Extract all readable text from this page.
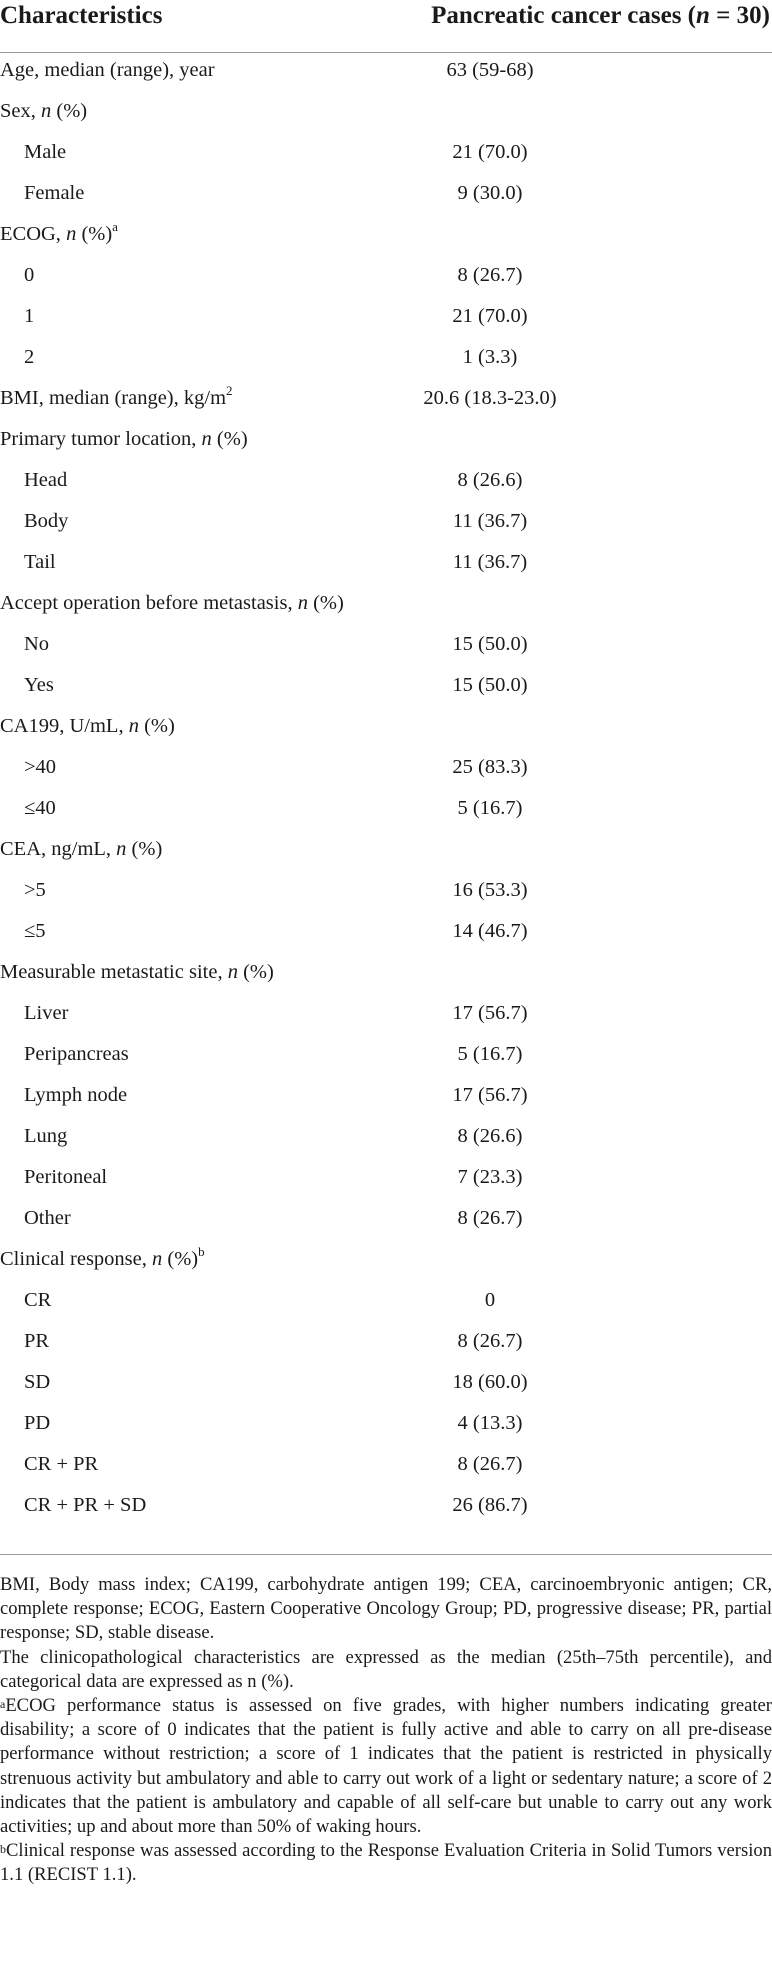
Characteristics	Pancreatic cancer cases (n = 30)
Age, median (range), year	63 (59-68)
Sex, n (%)
Male	21 (70.0)
Female	9 (30.0)
ECOG, n (%)$^a$
0	8 (26.7)
1	21 (70.0)
2	1 (3.3)
BMI, median (range), $kg/m^2$	20.6 (18.3-23.0)
Primary tumor location, n (%)
Head	8 (26.6)
Body	11 (36.7)
Tail	11 (36.7)
Accept operation before metastasis, n (%)
No	15 (50.0)
Yes	15 (50.0)
CA199, U/mL, n (%)
>40	25 (83.3)
≤40	5 (16.7)
CEA, ng/mL, n (%)
>5	16 (53.3)
≤5	14 (46.7)
Measurable metastatic site, n (%)
Liver	17 (56.7)
Peripancreas	5 (16.7)
Lymph node	17 (56.7)
Lung	8 (26.6)
Peritoneal	7 (23.3)
Other	8 (26.7)
Clinical response, n (%)$^b$
CR	0
PR	8 (26.7)
SD	18 (60.0)
PD	4 (13.3)
CR + PR	8 (26.7)
CR + PR + SD	26 (86.7)

BMI, Body mass index; CA199, carbohydrate antigen 199; CEA, carcinoembryonic antigen; CR, complete response; ECOG, Eastern Cooperative Oncology Group; PD, progressive disease; PR, partial response; SD, stable disease.

The clinicopathological characteristics are expressed as the median (25th–75th percentile), and categorical data are expressed as n (%).

$^a$ECOG performance status is assessed on five grades, with higher numbers indicating greater disability; a score of 0 indicates that the patient is fully active and able to carry on all pre-disease performance without restriction; a score of 1 indicates that the patient is restricted in physically strenuous activity but ambulatory and able to carry out work of a light or sedentary nature; a score of 2 indicates that the patient is ambulatory and capable of all self-care but unable to carry out any work activities; up and about more than 50% of waking hours.

$^b$Clinical response was assessed according to the Response Evaluation Criteria in Solid Tumors version 1.1 (RECIST 1.1).
